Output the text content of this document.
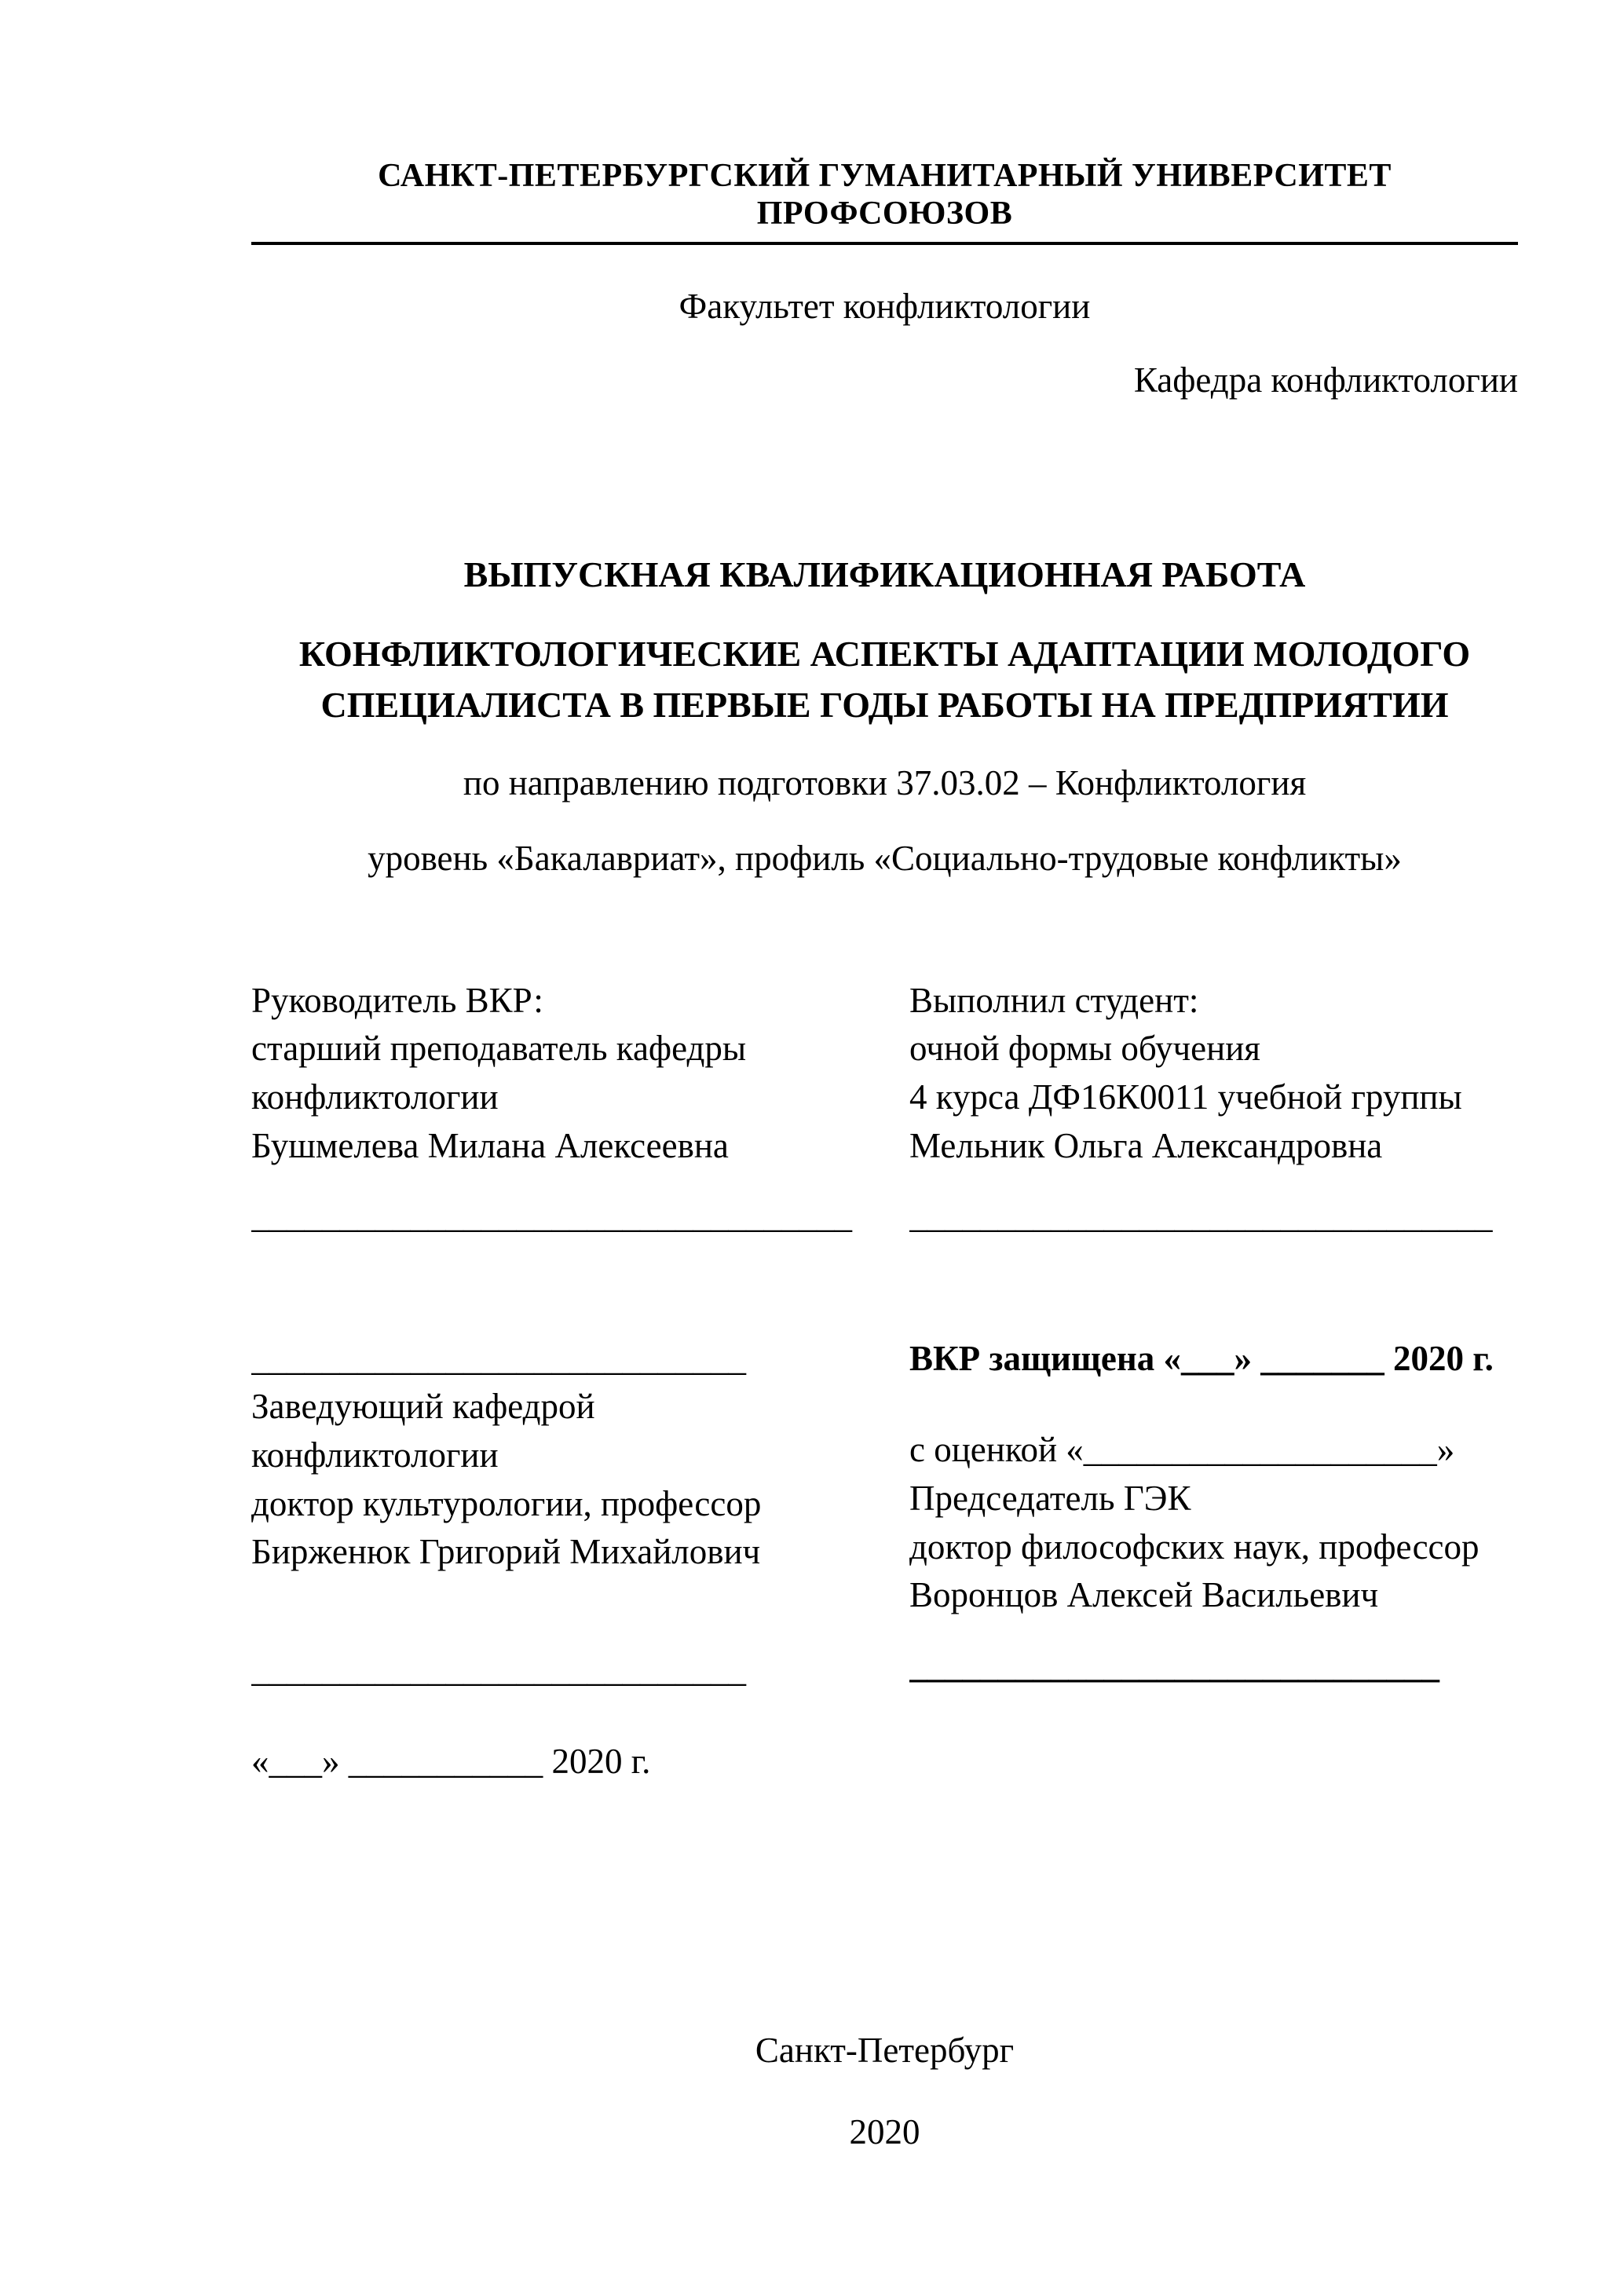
САНКТ-ПЕТЕРБУРГСКИЙ ГУМАНИТАРНЫЙ УНИВЕРСИТЕТ ПРОФСОЮЗОВ

Факультет конфликтологии

Кафедра конфликтологии

ВЫПУСКНАЯ КВАЛИФИКАЦИОННАЯ РАБОТА

КОНФЛИКТОЛОГИЧЕСКИЕ АСПЕКТЫ АДАПТАЦИИ МОЛОДОГО СПЕЦИАЛИСТА В ПЕРВЫЕ ГОДЫ РАБОТЫ НА ПРЕДПРИЯТИИ

по направлению подготовки 37.03.02 – Конфликтология

уровень «Бакалавриат», профиль «Социально-трудовые конфликты»

Руководитель ВКР:

старший преподаватель кафедры

конфликтологии

Бушмелева Милана Алексеевна

__________________________________

____________________________

Заведующий кафедрой

конфликтологии

доктор культурологии, профессор

Бирженюк Григорий Михайлович

____________________________

«___» ___________ 2020 г.

Выполнил студент:

очной формы обучения

4 курса ДФ16К0011 учебной группы

Мельник Ольга Александровна

_________________________________

ВКР защищена «___» _______ 2020 г.

с оценкой «____________________»

Председатель ГЭК

доктор философских наук, профессор

Воронцов Алексей Васильевич

______________________________

Санкт-Петербург

2020
